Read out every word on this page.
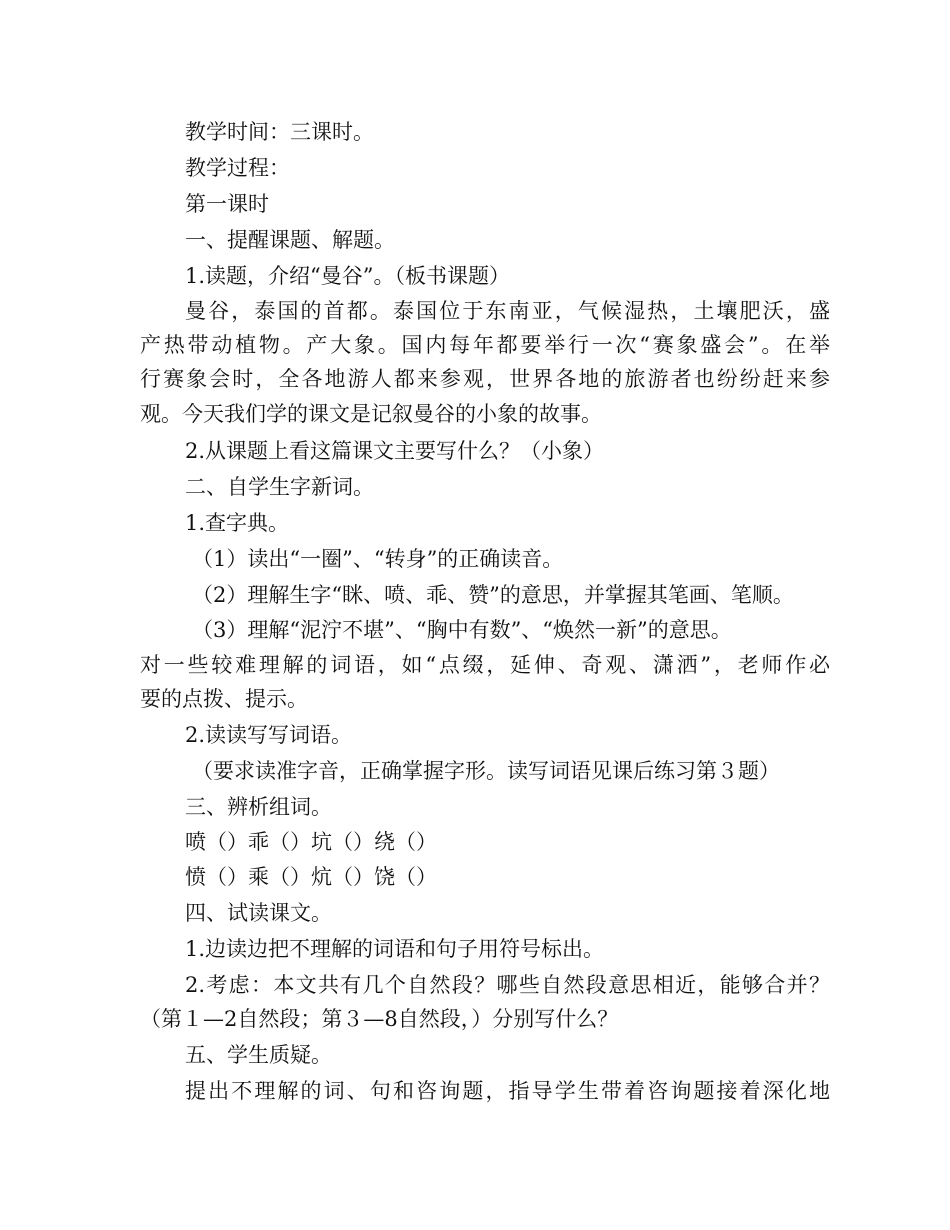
教学时间：三课时。
教学过程：
第一课时
一、提醒课题、解题。
1.读题，介绍“曼谷”。（板书课题）
曼谷，泰国的首都。泰国位于东南亚，气候湿热，土壤肥沃，盛
产热带动植物。产大象。国内每年都要举行一次“赛象盛会”。在举
行赛象会时，全各地游人都来参观，世界各地的旅游者也纷纷赶来参
观。今天我们学的课文是记叙曼谷的小象的故事。
2.从课题上看这篇课文主要写什么？（小象）
二、自学生字新词。
1.查字典。
（1）读出“一圈”、“转身”的正确读音。
（2）理解生字“眯、喷、乖、赞”的意思，并掌握其笔画、笔顺。
（3）理解“泥泞不堪”、“胸中有数”、“焕然一新”的意思。
对一些较难理解的词语，如“点缀，延伸、奇观、潇洒”，老师作必
要的点拨、提示。
2.读读写写词语。
（要求读准字音，正确掌握字形。读写词语见课后练习第３题）
三、辨析组词。
喷（）乖（）坑（）绕（）
愤（）乘（）炕（）饶（）
四、试读课文。
1.边读边把不理解的词语和句子用符号标出。
2.考虑：本文共有几个自然段？哪些自然段意思相近，能够合并？
（第１—2自然段；第３—8自然段，）分别写什么？
五、学生质疑。
提出不理解的词、句和咨询题，指导学生带着咨询题接着深化地
